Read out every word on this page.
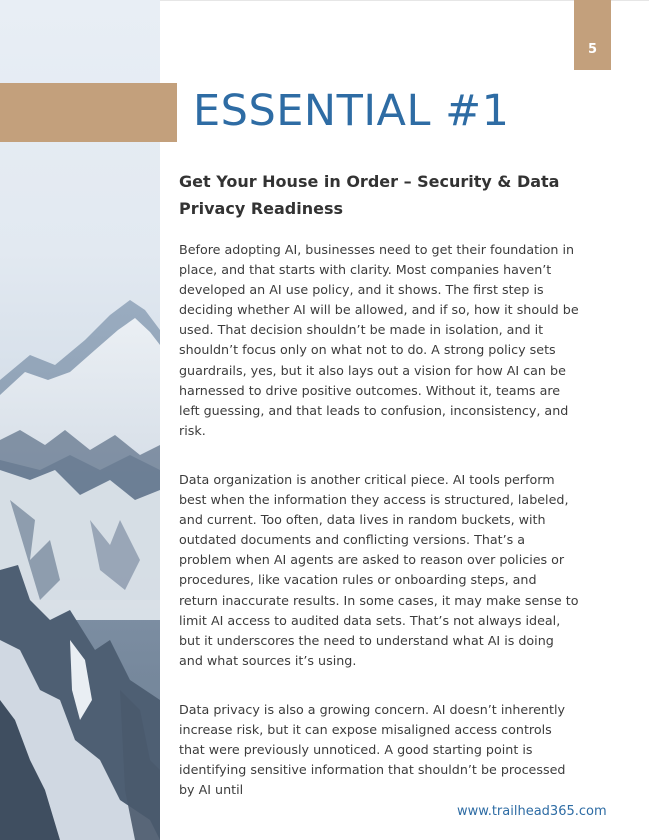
5
ESSENTIAL #1
Get Your House in Order – Security & Data Privacy Readiness

Before adopting AI, businesses need to get their foundation in place, and that starts with clarity. Most companies haven’t developed an AI use policy, and it shows. The first step is deciding whether AI will be allowed, and if so, how it should be used. That decision shouldn’t be made in isolation, and it shouldn’t focus only on what not to do. A strong policy sets guardrails, yes, but it also lays out a vision for how AI can be harnessed to drive positive outcomes. Without it, teams are left guessing, and that leads to confusion, inconsistency, and risk.

Data organization is another critical piece. AI tools perform best when the information they access is structured, labeled, and current. Too often, data lives in random buckets, with outdated documents and conflicting versions. That’s a problem when AI agents are asked to reason over policies or procedures, like vacation rules or onboarding steps, and return inaccurate results. In some cases, it may make sense to limit AI access to audited data sets. That’s not always ideal, but it underscores the need to understand what AI is doing and what sources it’s using.

Data privacy is also a growing concern. AI doesn’t inherently increase risk, but it can expose misaligned access controls that were previously unnoticed. A good starting point is identifying sensitive information that shouldn’t be processed by AI until

www.trailhead365.com
